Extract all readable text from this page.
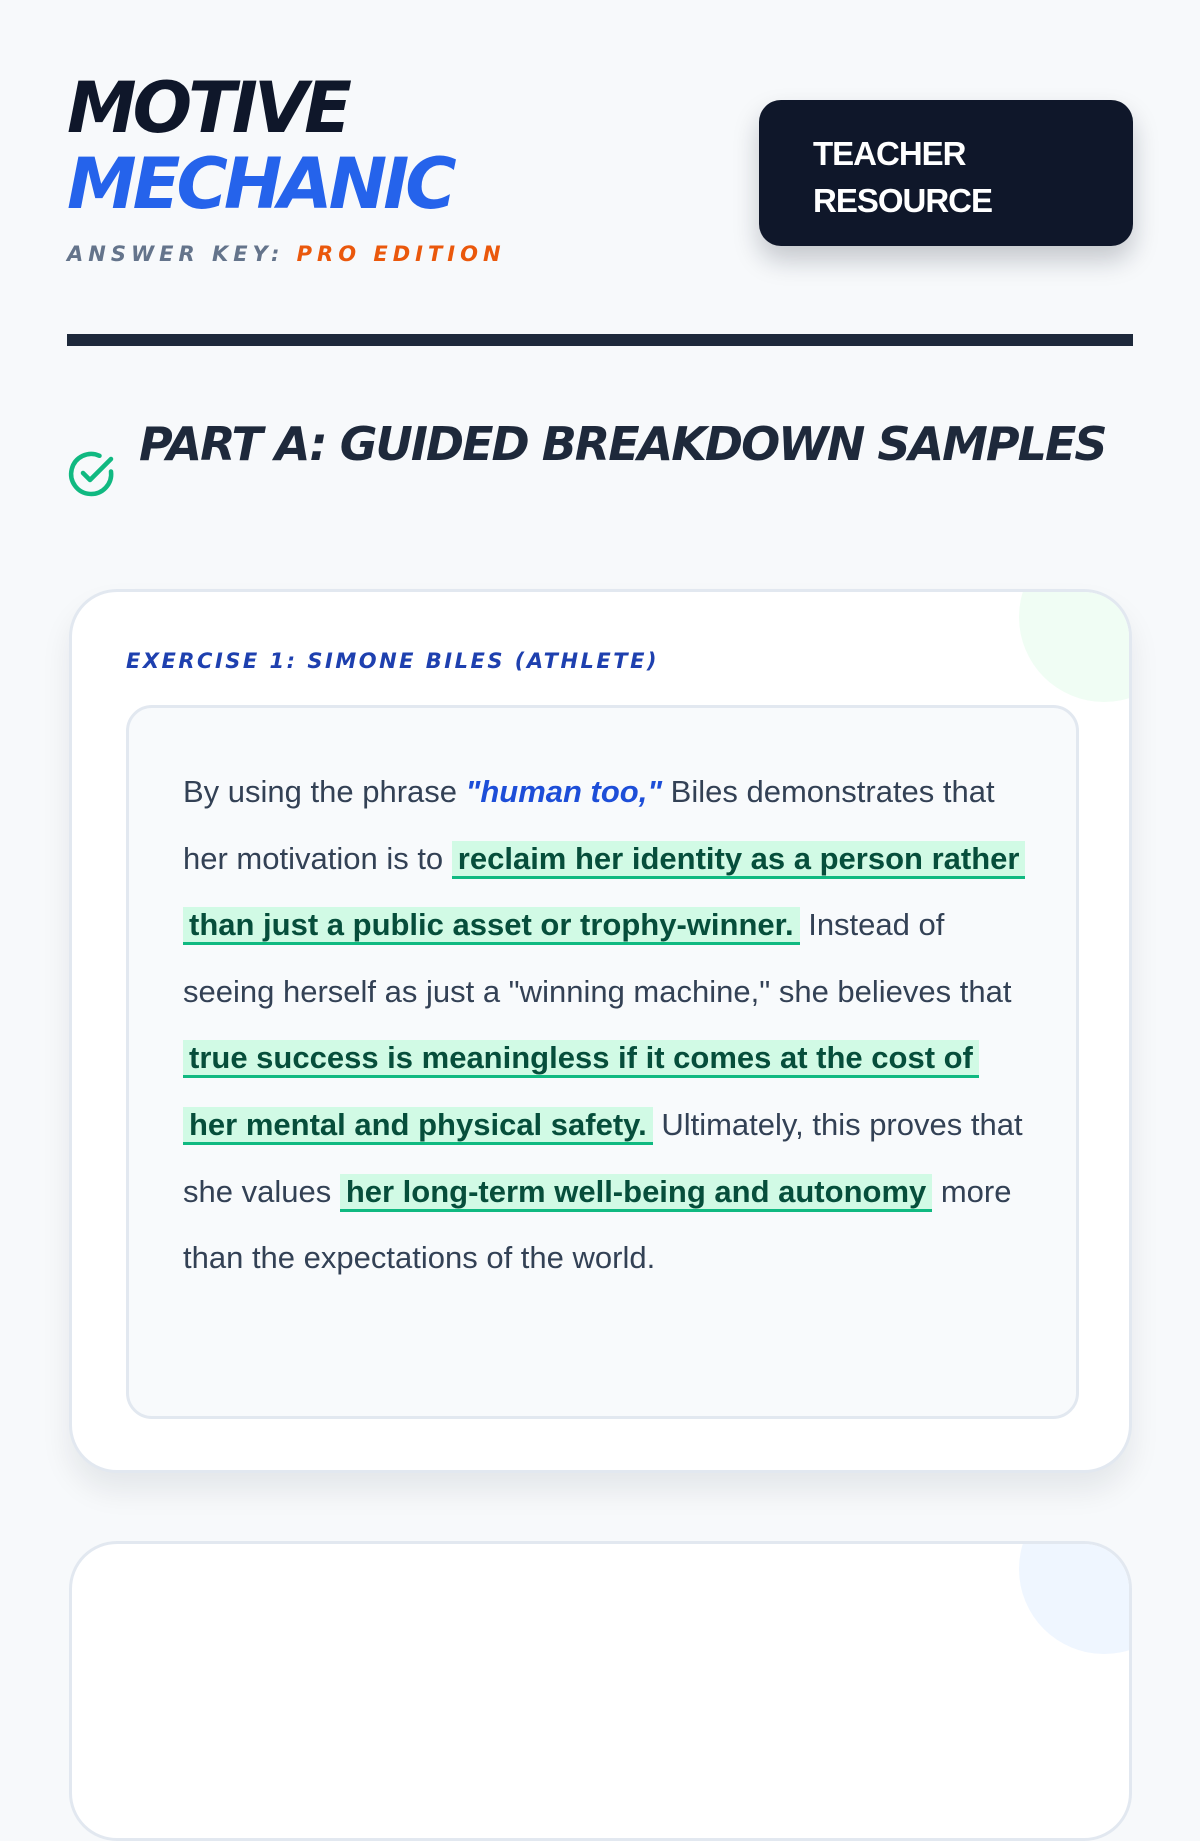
MOTIVE
MECHANIC
ANSWER KEY: PRO EDITION
TEACHER
RESOURCE
PART A: GUIDED BREAKDOWN SAMPLES
EXERCISE 1: SIMONE BILES (ATHLETE)

By using the phrase "human too," Biles demonstrates that her motivation is to reclaim her identity as a person rather than just a public asset or trophy-winner. Instead of seeing herself as just a "winning machine," she believes that true success is meaningless if it comes at the cost of her mental and physical safety. Ultimately, this proves that she values her long-term well-being and autonomy more than the expectations of the world.
